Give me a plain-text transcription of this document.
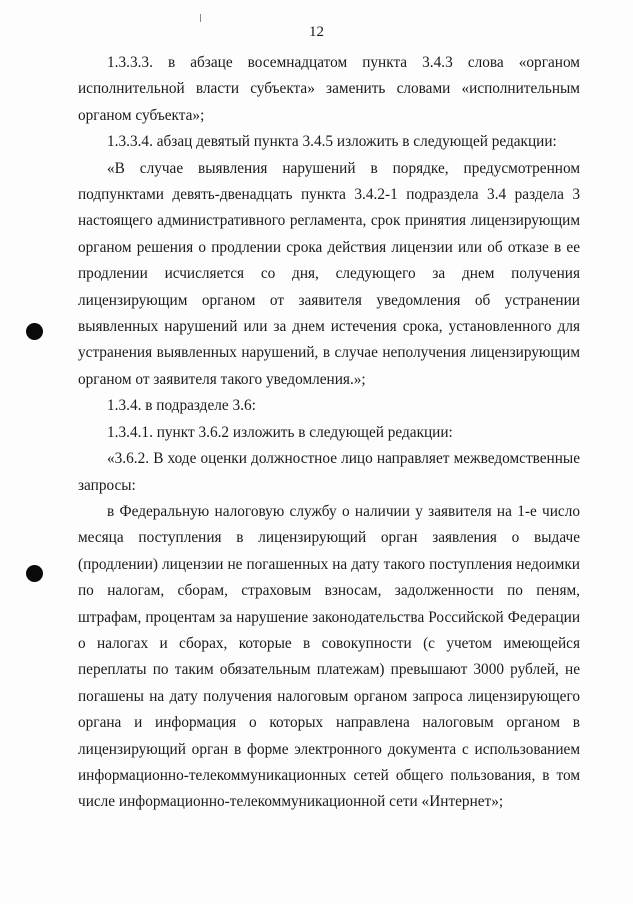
12

1.3.3.3. в абзаце восемнадцатом пункта 3.4.3 слова «органом исполнительной власти субъекта» заменить словами «исполнительным органом субъекта»;

1.3.3.4. абзац девятый пункта 3.4.5 изложить в следующей редакции:

«В случае выявления нарушений в порядке, предусмотренном подпунктами девять-двенадцать пункта 3.4.2-1 подраздела 3.4 раздела 3 настоящего административного регламента, срок принятия лицензирующим органом решения о продлении срока действия лицензии или об отказе в ее продлении исчисляется со дня, следующего за днем получения лицензирующим органом от заявителя уведомления об устранении выявленных нарушений или за днем истечения срока, установленного для устранения выявленных нарушений, в случае неполучения лицензирующим органом от заявителя такого уведомления.»;

1.3.4. в подразделе 3.6:

1.3.4.1. пункт 3.6.2 изложить в следующей редакции:

«3.6.2. В ходе оценки должностное лицо направляет межведомственные запросы:

в Федеральную налоговую службу о наличии у заявителя на 1-е число месяца поступления в лицензирующий орган заявления о выдаче (продлении) лицензии не погашенных на дату такого поступления недоимки по налогам, сборам, страховым взносам, задолженности по пеням, штрафам, процентам за нарушение законодательства Российской Федерации о налогах и сборах, которые в совокупности (с учетом имеющейся переплаты по таким обязательным платежам) превышают 3000 рублей, не погашены на дату получения налоговым органом запроса лицензирующего органа и информация о которых направлена налоговым органом в лицензирующий орган в форме электронного документа с использованием информационно-телекоммуникационных сетей общего пользования, в том числе информационно-телекоммуникационной сети «Интернет»;
